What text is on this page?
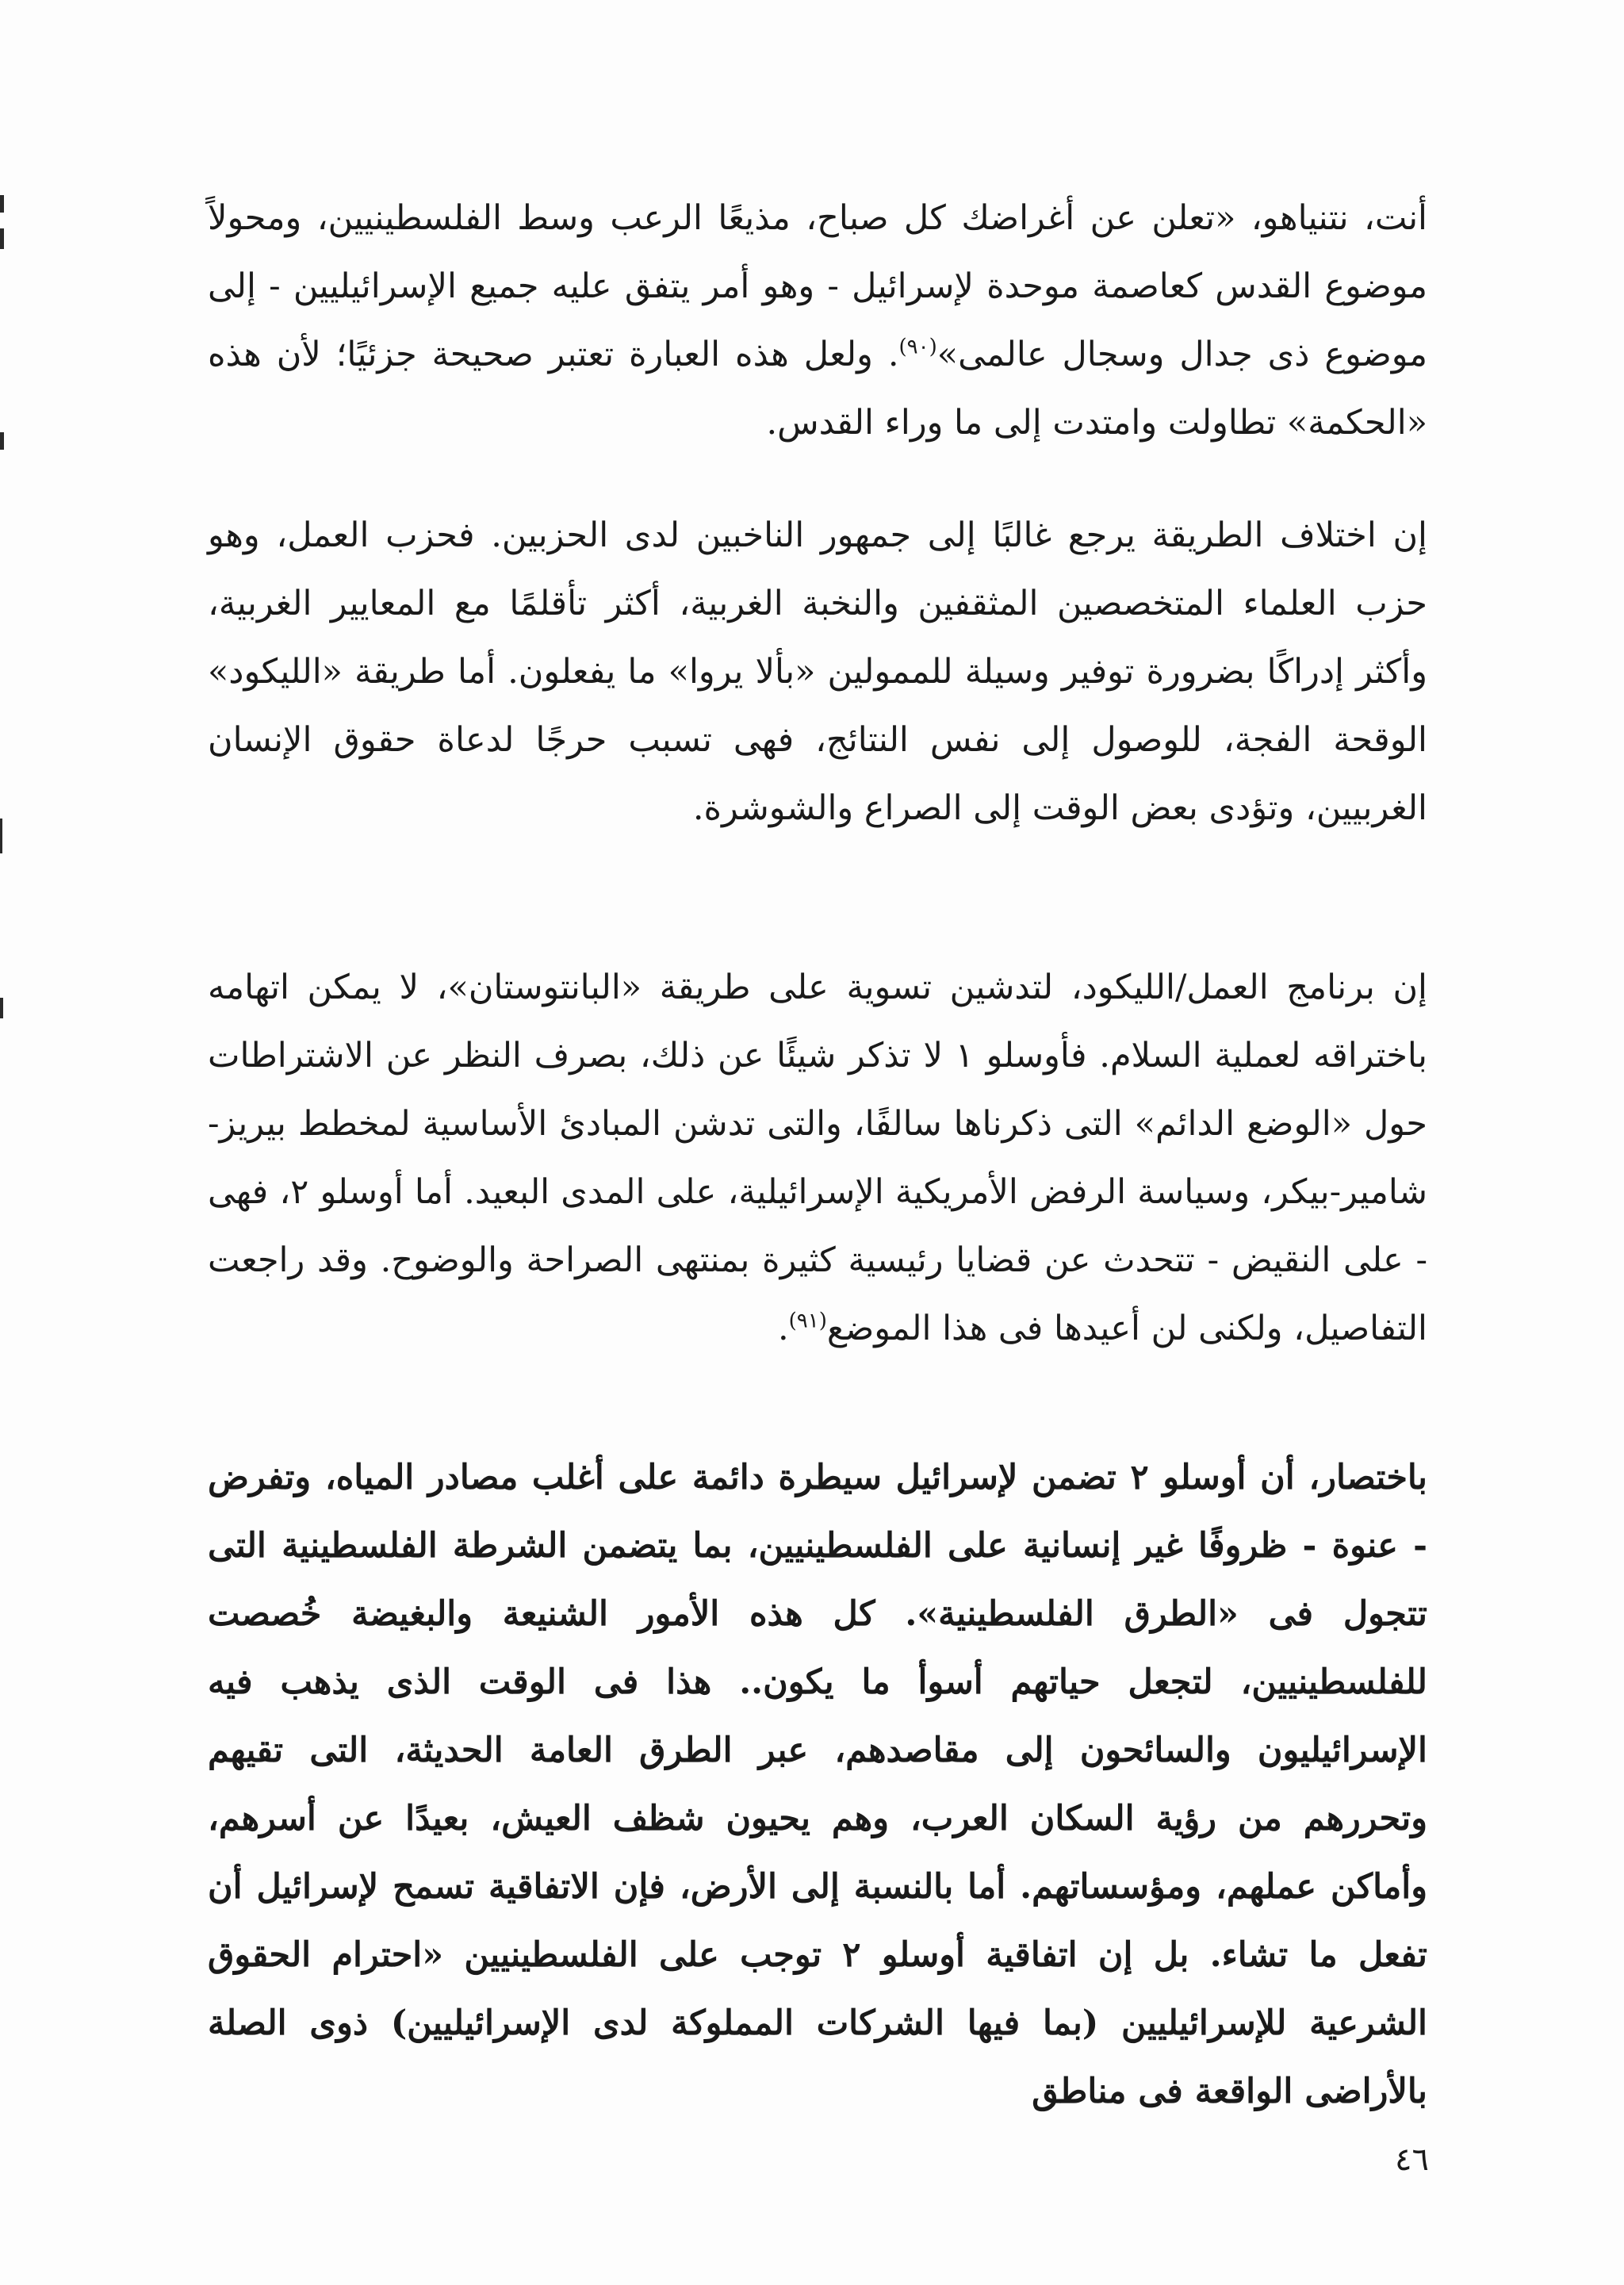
أنت، نتنياهو، «تعلن عن أغراضك كل صباح، مذيعًا الرعب وسط الفلسطينيين، ومحولاً موضوع القدس كعاصمة موحدة لإسرائيل - وهو أمر يتفق عليه جميع الإسرائيليين - إلى موضوع ذى جدال وسجال عالمى»$^{(٩٠)}$. ولعل هذه العبارة تعتبر صحيحة جزئيًا؛ لأن هذه «الحكمة» تطاولت وامتدت إلى ما وراء القدس.

إن اختلاف الطريقة يرجع غالبًا إلى جمهور الناخبين لدى الحزبين. فحزب العمل، وهو حزب العلماء المتخصصين المثقفين والنخبة الغربية، أكثر تأقلمًا مع المعايير الغربية، وأكثر إدراكًا بضرورة توفير وسيلة للممولين «بألا يروا» ما يفعلون. أما طريقة «الليكود» الوقحة الفجة، للوصول إلى نفس النتائج، فهى تسبب حرجًا لدعاة حقوق الإنسان الغربيين، وتؤدى بعض الوقت إلى الصراع والشوشرة.

إن برنامج العمل/الليكود، لتدشين تسوية على طريقة «البانتوستان»، لا يمكن اتهامه باختراقه لعملية السلام. فأوسلو ١ لا تذكر شيئًا عن ذلك، بصرف النظر عن الاشتراطات حول «الوضع الدائم» التى ذكرناها سالفًا، والتى تدشن المبادئ الأساسية لمخطط بيريز-شامير-بيكر، وسياسة الرفض الأمريكية الإسرائيلية، على المدى البعيد. أما أوسلو ٢، فهى - على النقيض - تتحدث عن قضايا رئيسية كثيرة بمنتهى الصراحة والوضوح. وقد راجعت التفاصيل، ولكنى لن أعيدها فى هذا الموضع$^{(٩١)}$.

باختصار، أن أوسلو ٢ تضمن لإسرائيل سيطرة دائمة على أغلب مصادر المياه، وتفرض - عنوة - ظروفًا غير إنسانية على الفلسطينيين، بما يتضمن الشرطة الفلسطينية التى تتجول فى «الطرق الفلسطينية». كل هذه الأمور الشنيعة والبغيضة خُصصت للفلسطينيين، لتجعل حياتهم أسوأ ما يكون.. هذا فى الوقت الذى يذهب فيه الإسرائيليون والسائحون إلى مقاصدهم، عبر الطرق العامة الحديثة، التى تقيهم وتحررهم من رؤية السكان العرب، وهم يحيون شظف العيش، بعيدًا عن أسرهم، وأماكن عملهم، ومؤسساتهم. أما بالنسبة إلى الأرض، فإن الاتفاقية تسمح لإسرائيل أن تفعل ما تشاء. بل إن اتفاقية أوسلو ٢ توجب على الفلسطينيين «احترام الحقوق الشرعية للإسرائيليين (بما فيها الشركات المملوكة لدى الإسرائيليين) ذوى الصلة بالأراضى الواقعة فى مناطق

٤٦
